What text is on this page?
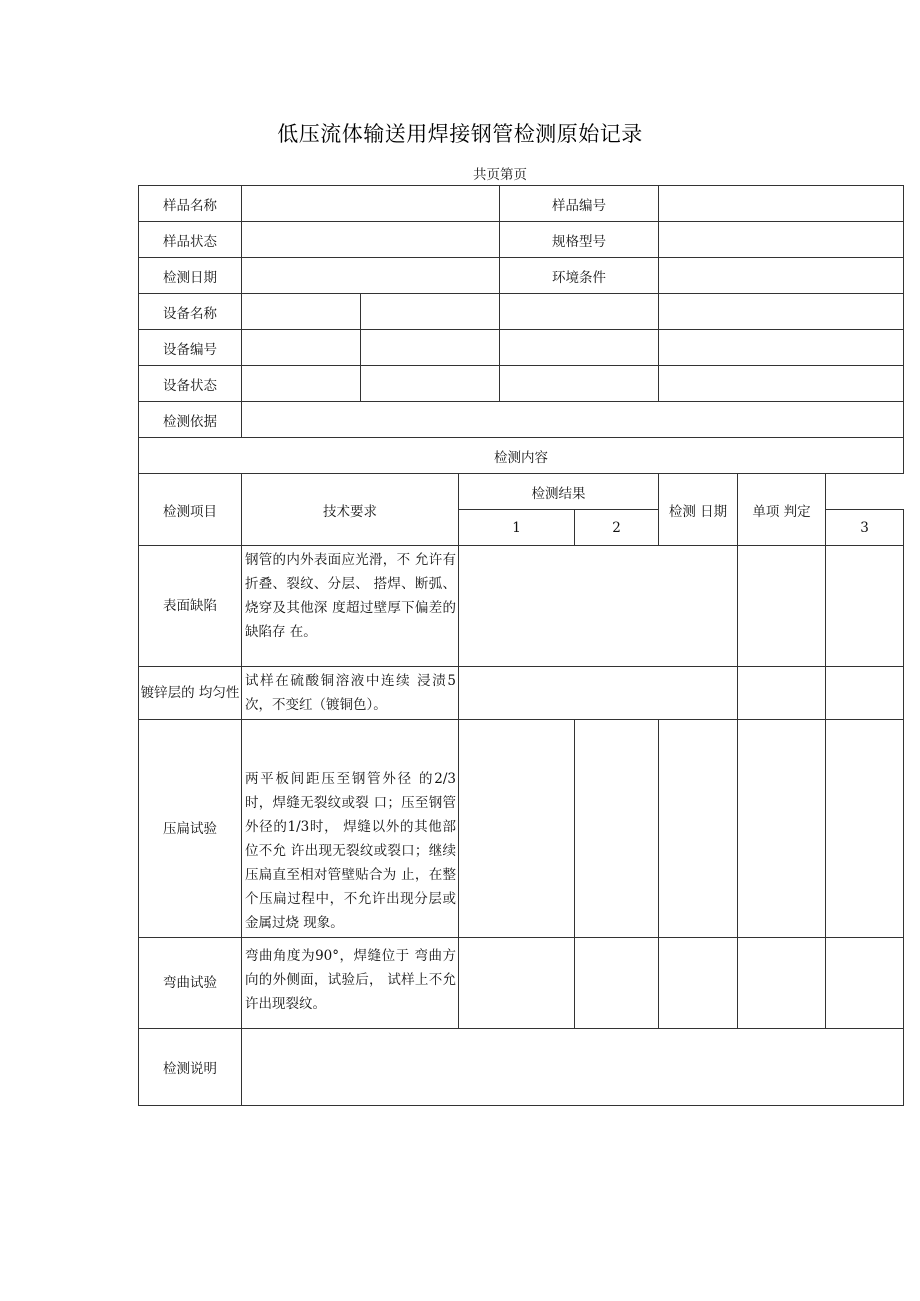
低压流体输送用焊接钢管检测原始记录
共页第页
样品名称				样品编号				
样品状态				规格型号				
检测日期				环境条件				
设备名称								
设备编号								
设备状态								
检测依据								
检测内容								
检测项目	技术要求		检测结果			检测 日期	单项 判定
			1		2			3
表面缺陷	钢管的内外表面应光滑，不 允许有折叠、裂纹、分层、 搭焊、断弧、烧穿及其他深 度超过壁厚下偏差的缺陷存 在。							
镀锌层的 均匀性	试样在硫酸铜溶液中连续 浸渍5次，不变红（镀铜色）。							
压扁试验	两平板间距压至钢管外径 的2/3时，焊缝无裂纹或裂 口；压至钢管外径的1/3时， 焊缝以外的其他部位不允 许出现无裂纹或裂口；继续 压扁直至相对管壁贴合为 止，在整个压扁过程中，不允许出现分层或金属过烧 现象。							
弯曲试验	弯曲角度为90°，焊缝位于 弯曲方向的外侧面，试验后， 试样上不允许出现裂纹。							
检测说明								
